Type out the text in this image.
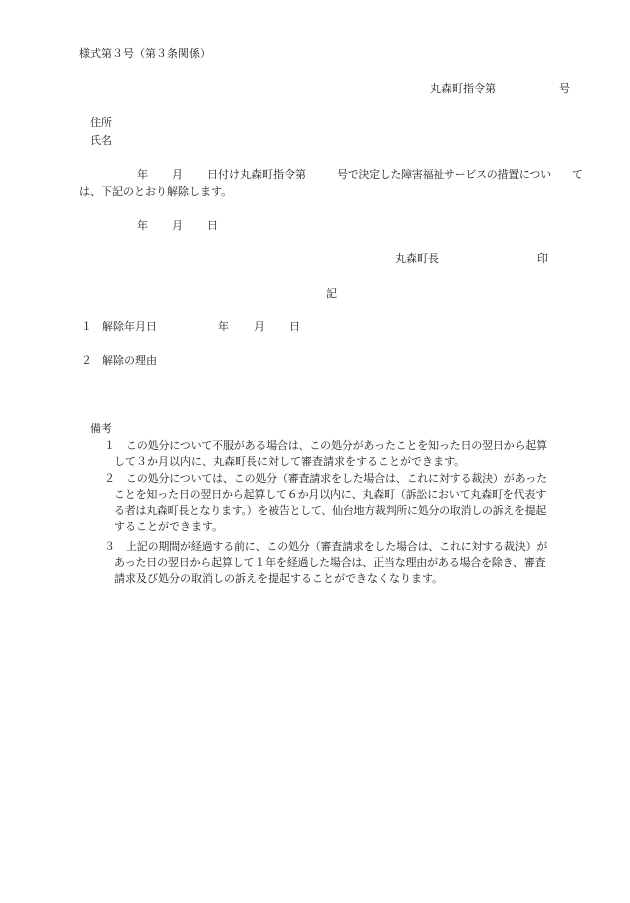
様式第３号（第３条関係）
丸森町指令第	号
住所
氏名
年 月 日付け丸森町指令第	号で決定した障害福祉サービスの措置につい て
は、下記のとおり解除します。
年 月 日
丸森町長	印
記
１ 解除年月日	年 月 日
２ 解除の理由
備考
１	この処分について不服がある場合は、この処分があったことを知った日の翌日から起算
して３か月以内に、丸森町長に対して審査請求をすることができます。
２	この処分については、この処分（審査請求をした場合は、これに対する裁決）があった
ことを知った日の翌日から起算して６か月以内に、丸森町（訴訟において丸森町を代表す
る者は丸森町長となります。）を被告として、仙台地方裁判所に処分の取消しの訴えを提起
することができます。
３	上記の期間が経過する前に、この処分（審査請求をした場合は、これに対する裁決）が
あった日の翌日から起算して１年を経過した場合は、正当な理由がある場合を除き、審査
請求及び処分の取消しの訴えを提起することができなくなります。
